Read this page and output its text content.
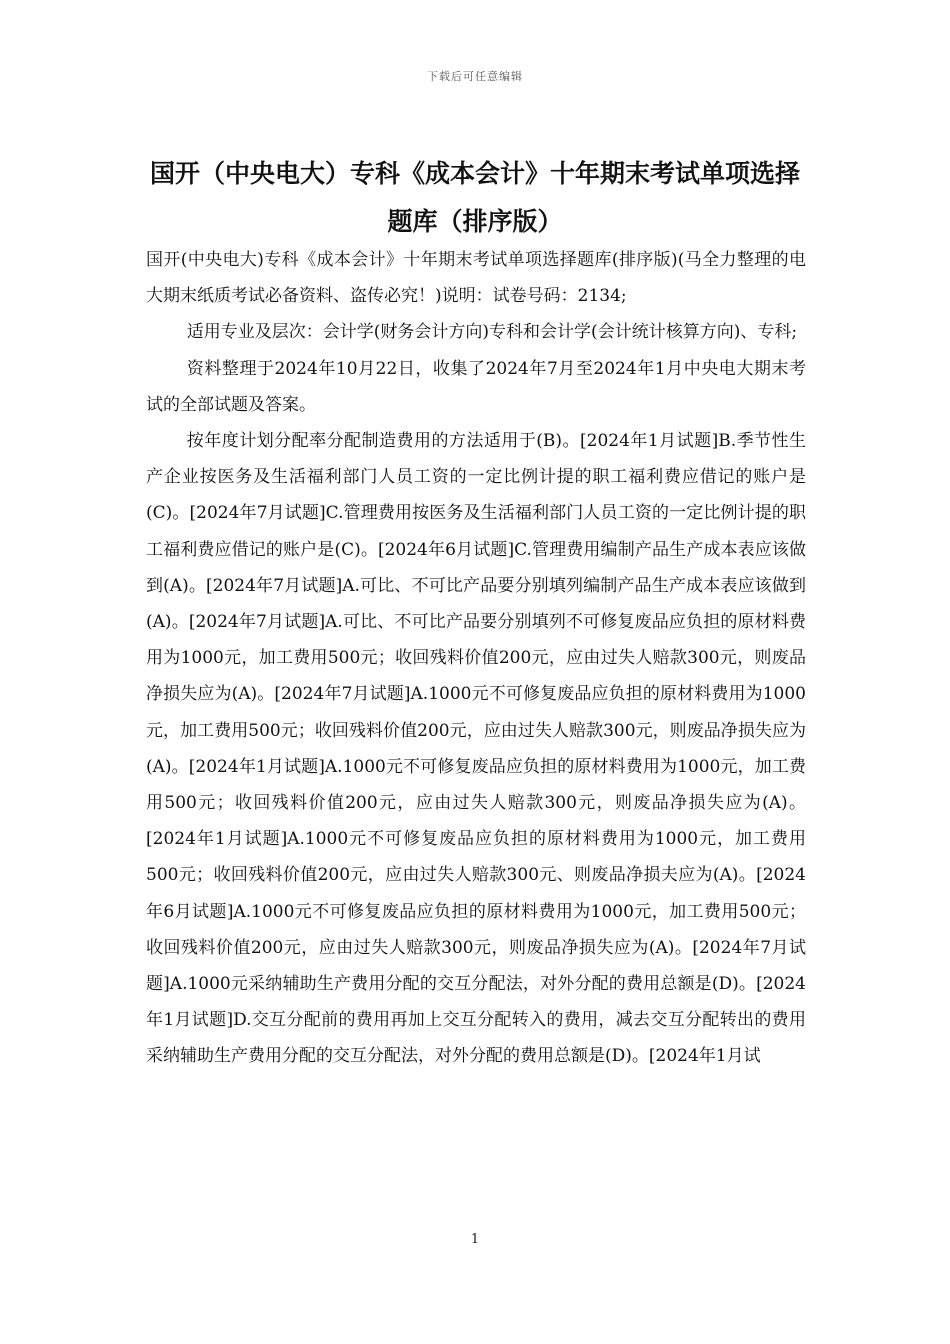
下载后可任意编辑
国开（中央电大）专科《成本会计》十年期末考试单项选择题库（排序版）

国开(中央电大)专科《成本会计》十年期末考试单项选择题库(排序版)(马全力整理的电大期末纸质考试必备资料、盗传必究！)说明：试卷号码：2134;

适用专业及层次：会计学(财务会计方向)专科和会计学(会计统计核算方向)、专科;

资料整理于2024年10月22日，收集了2024年7月至2024年1月中央电大期末考试的全部试题及答案。

按年度计划分配率分配制造费用的方法适用于(B)。[2024年1月试题]B.季节性生产企业按医务及生活福利部门人员工资的一定比例计提的职工福利费应借记的账户是(C)。[2024年7月试题]C.管理费用按医务及生活福利部门人员工资的一定比例计提的职工福利费应借记的账户是(C)。[2024年6月试题]C.管理费用编制产品生产成本表应该做到(A)。[2024年7月试题]A.可比、不可比产品要分别填列编制产品生产成本表应该做到(A)。[2024年7月试题]A.可比、不可比产品要分别填列不可修复废品应负担的原材料费用为1000元，加工费用500元；收回残料价值200元，应由过失人赔款300元，则废品净损失应为(A)。[2024年7月试题]A.1000元不可修复废品应负担的原材料费用为1000元，加工费用500元；收回残料价值200元，应由过失人赔款300元，则废品净损失应为(A)。[2024年1月试题]A.1000元不可修复废品应负担的原材料费用为1000元，加工费用500元；收回残料价值200元，应由过失人赔款300元，则废品净损失应为(A)。[2024年1月试题]A.1000元不可修复废品应负担的原材料费用为1000元，加工费用500元；收回残料价值200元，应由过失人赔款300元、则废品净损夫应为(A)。[2024年6月试题]A.1000元不可修复废品应负担的原材料费用为1000元，加工费用500元；收回残料价值200元，应由过失人赔款300元，则废品净损失应为(A)。[2024年7月试题]A.1000元采纳辅助生产费用分配的交互分配法，对外分配的费用总额是(D)。[2024年1月试题]D.交互分配前的费用再加上交互分配转入的费用，减去交互分配转出的费用采纳辅助生产费用分配的交互分配法，对外分配的费用总额是(D)。[2024年1月试

1
